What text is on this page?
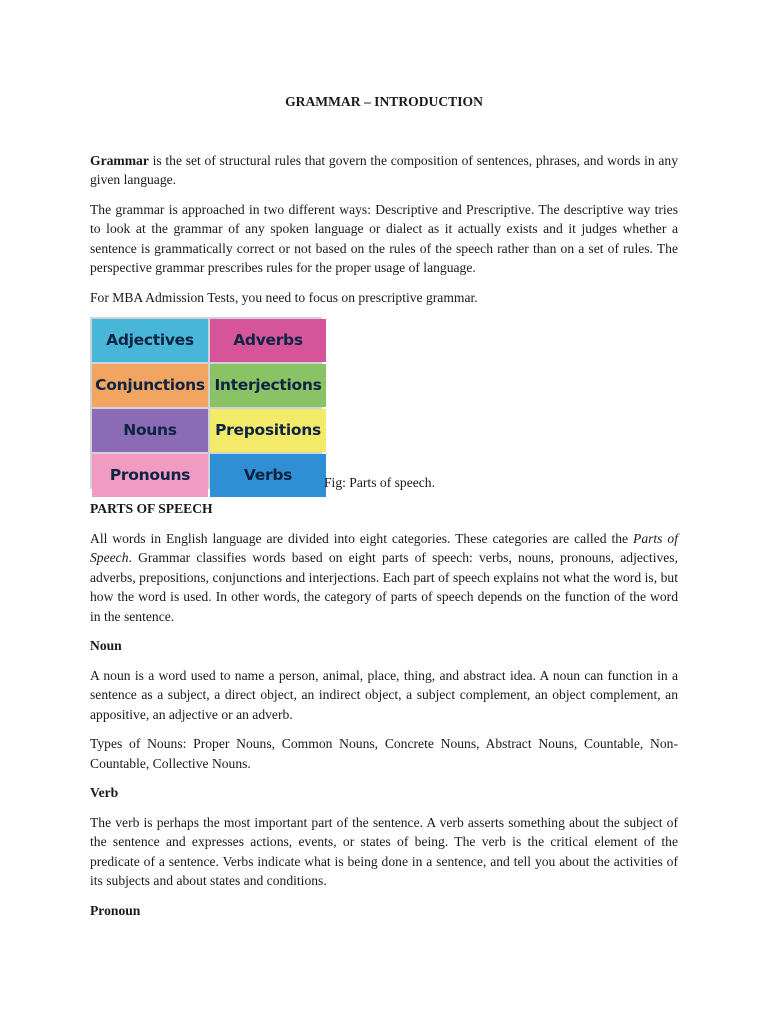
GRAMMAR – INTRODUCTION

Grammar is the set of structural rules that govern the composition of sentences, phrases, and words in any given language.

The grammar is approached in two different ways: Descriptive and Prescriptive. The descriptive way tries to look at the grammar of any spoken language or dialect as it actually exists and it judges whether a sentence is grammatically correct or not based on the rules of the speech rather than on a set of rules. The perspective grammar prescribes rules for the proper usage of language.

For MBA Admission Tests, you need to focus on prescriptive grammar.

Adjectives	Adverbs
Conjunctions Interjections
Nouns	Prepositions
Pronouns	Verbs	Fig: Parts of speech.
PARTS OF SPEECH

All words in English language are divided into eight categories. These categories are called the Parts of Speech. Grammar classifies words based on eight parts of speech: verbs, nouns, pronouns, adjectives, adverbs, prepositions, conjunctions and interjections. Each part of speech explains not what the word is, but how the word is used. In other words, the category of parts of speech depends on the function of the word in the sentence.

Noun

A noun is a word used to name a person, animal, place, thing, and abstract idea. A noun can function in a sentence as a subject, a direct object, an indirect object, a subject complement, an object complement, an appositive, an adjective or an adverb.

Types of Nouns: Proper Nouns, Common Nouns, Concrete Nouns, Abstract Nouns, Countable, Non-Countable, Collective Nouns.

Verb

The verb is perhaps the most important part of the sentence. A verb asserts something about the subject of the sentence and expresses actions, events, or states of being. The verb is the critical element of the predicate of a sentence. Verbs indicate what is being done in a sentence, and tell you about the activities of its subjects and about states and conditions.

Pronoun
